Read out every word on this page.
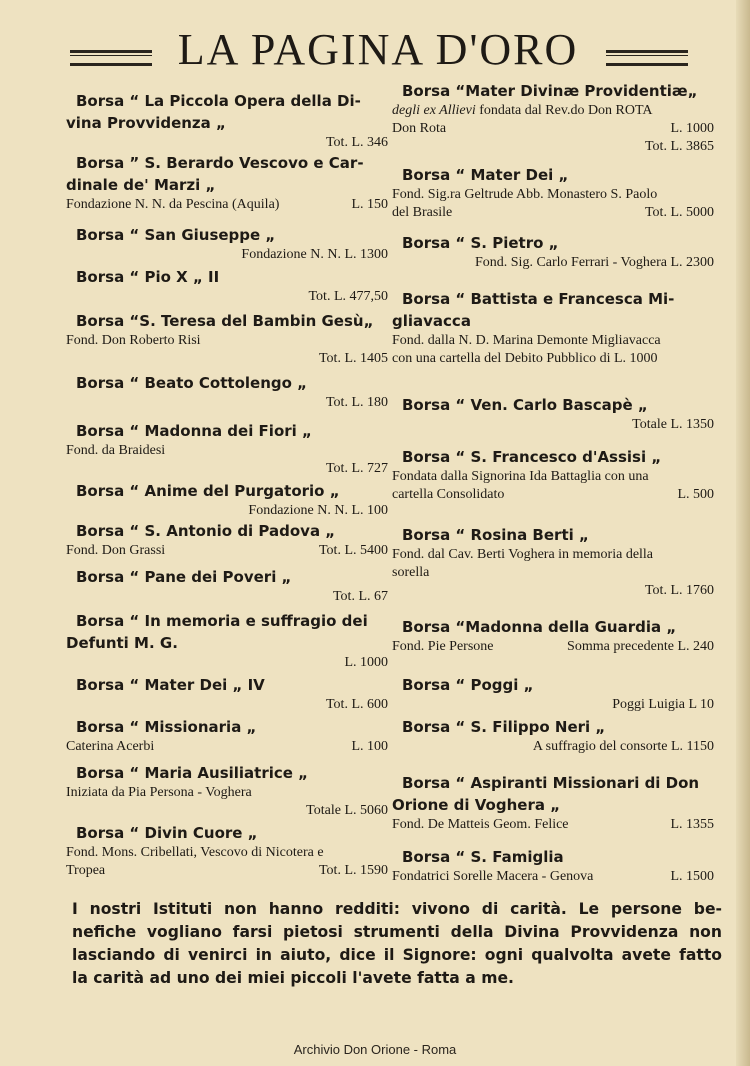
LA PAGINA D'ORO

Borsa “ La Piccola Opera della Di-

vina Provvidenza „

Tot. L. 346

Borsa ” S. Berardo Vescovo e Car-

dinale de' Marzi „

Fondazione N. N. da Pescina (Aquila)	L. 150

Borsa “ San Giuseppe „

Fondazione N. N. L. 1300

Borsa “ Pio X „ II

Tot. L. 477,50

Borsa “S. Teresa del Bambin Gesù„

Fond. Don Roberto Risi

Tot. L. 1405

Borsa “ Beato Cottolengo „

Tot. L. 180

Borsa “ Madonna dei Fiori „

Fond. da Braidesi

Tot. L. 727

Borsa “ Anime del Purgatorio „

Fondazione N. N. L. 100

Borsa “ S. Antonio di Padova „

Fond. Don Grassi	Tot. L. 5400

Borsa “ Pane dei Poveri „

Tot. L. 67

Borsa “ In memoria e suffragio dei

Defunti M. G.

L. 1000

Borsa “ Mater Dei „ IV

Tot. L. 600

Borsa “ Missionaria „

Caterina Acerbi	L. 100

Borsa “ Maria Ausiliatrice „

Iniziata da Pia Persona - Voghera

Totale L. 5060

Borsa “ Divin Cuore „

Fond. Mons. Cribellati, Vescovo di Nicotera e

Tropea	Tot. L. 1590

Borsa “Mater Divinæ Providentiæ„

degli ex Allievi fondata dal Rev.do Don ROTA

Don Rota	L. 1000

Tot. L. 3865

Borsa “ Mater Dei „

Fond. Sig.ra Geltrude Abb. Monastero S. Paolo

del Brasile	Tot. L. 5000

Borsa “ S. Pietro „

Fond. Sig. Carlo Ferrari - Voghera L. 2300

Borsa “ Battista e Francesca Mi-

gliavacca

Fond. dalla N. D. Marina Demonte Migliavacca

con una cartella del Debito Pubblico di L. 1000

Borsa “ Ven. Carlo Bascapè „

Totale L. 1350

Borsa “ S. Francesco d'Assisi „

Fondata dalla Signorina Ida Battaglia con una

cartella Consolidato	L. 500

Borsa “ Rosina Berti „

Fond. dal Cav. Berti Voghera in memoria della

sorella

Tot. L. 1760

Borsa “Madonna della Guardia „

Fond. Pie Persone	Somma precedente L. 240

Borsa “ Poggi „

Poggi Luigia L 10

Borsa “ S. Filippo Neri „

A suffragio del consorte L. 1150

Borsa “ Aspiranti Missionari di Don

Orione di Voghera „

Fond. De Matteis Geom. Felice	L. 1355

Borsa “ S. Famiglia

Fondatrici Sorelle Macera - Genova	L. 1500

I nostri Istituti non hanno redditi: vivono di carità. Le persone be-
nefiche vogliano farsi pietosi strumenti della Divina Provvidenza non
lasciando di venirci in aiuto, dice il Signore: ogni qualvolta avete fatto
la carità ad uno dei miei piccoli l'avete fatta a me.
Archivio Don Orione - Roma
